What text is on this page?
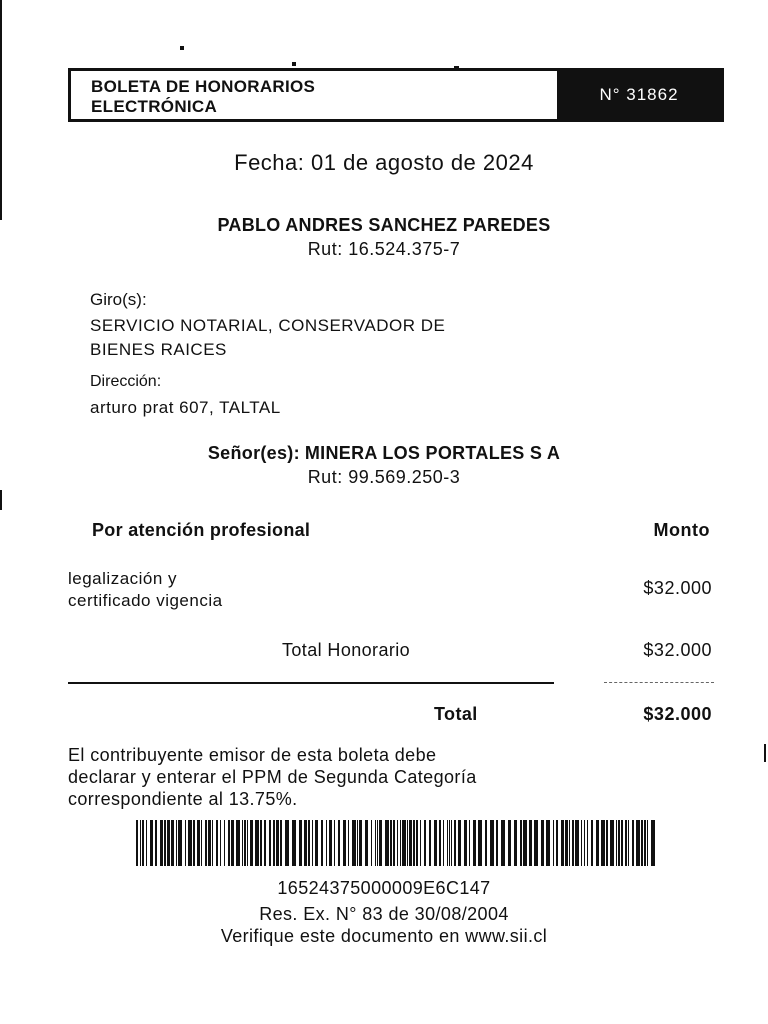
BOLETA DE HONORARIOS
ELECTRÓNICA
N° 31862
Fecha: 01 de agosto de 2024
PABLO ANDRES SANCHEZ PAREDES
Rut: 16.524.375-7
Giro(s):
SERVICIO NOTARIAL, CONSERVADOR DE
BIENES RAICES
Dirección:
arturo prat 607, TALTAL
Señor(es): MINERA LOS PORTALES S A
Rut: 99.569.250-3
Por atención profesional	Monto
legalización y
certificado vigencia
$32.000
Total Honorario	$32.000
Total	$32.000
El contribuyente emisor de esta boleta debe
declarar y enterar el PPM de Segunda Categoría
correspondiente al 13.75%.
16524375000009E6C147
Res. Ex. N° 83 de 30/08/2004
Verifique este documento en www.sii.cl
